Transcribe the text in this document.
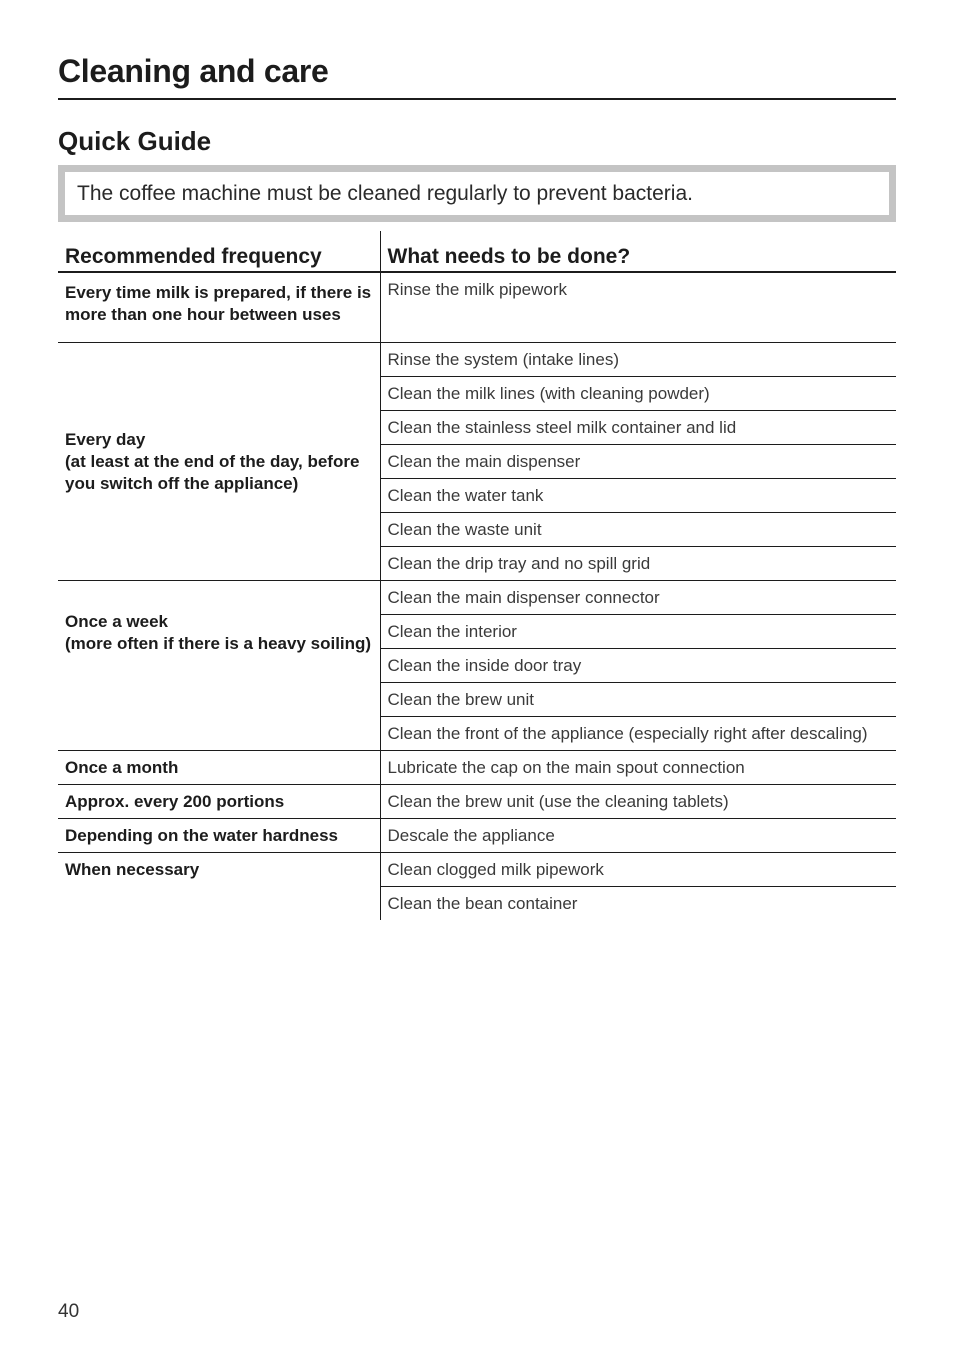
Cleaning and care
Quick Guide
The coffee machine must be cleaned regularly to prevent bacteria.
Recommended frequency	What needs to be done?
Every time milk is prepared, if there is more than one hour between uses	Rinse the milk pipework
Every day
(at least at the end of the day, before you switch off the appliance)	Rinse the system (intake lines)
	Clean the milk lines (with cleaning powder)
	Clean the stainless steel milk container and lid
	Clean the main dispenser
	Clean the water tank
	Clean the waste unit
	Clean the drip tray and no spill grid
Once a week
(more often if there is a heavy soiling)	Clean the main dispenser connector
	Clean the interior
	Clean the inside door tray
	Clean the brew unit
	Clean the front of the appliance (especially right after descaling)
Once a month	Lubricate the cap on the main spout connection
Approx. every 200 portions	Clean the brew unit (use the cleaning tablets)
Depending on the water hardness	Descale the appliance
When necessary	Clean clogged milk pipework
	Clean the bean container
40
